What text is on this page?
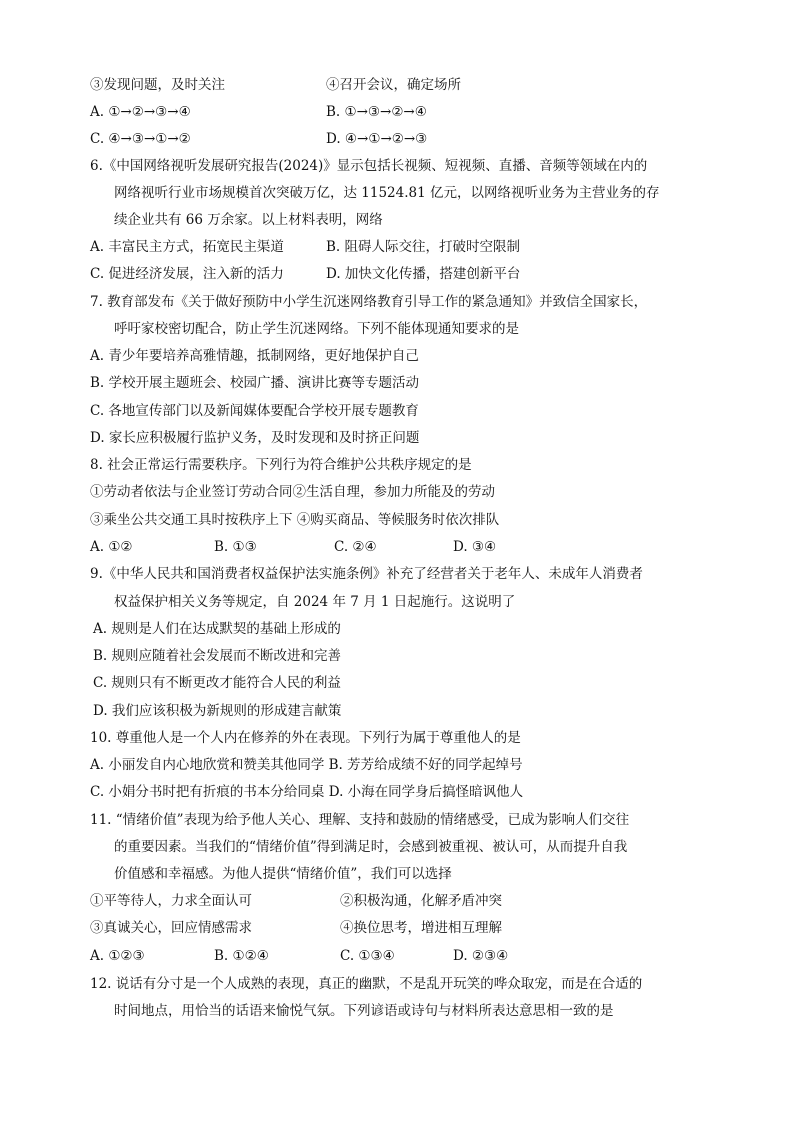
③发现问题，及时关注	④召开会议，确定场所
A. ①→②→③→④	B. ①→③→②→④
C. ④→③→①→②	D. ④→①→②→③
6.《中国网络视听发展研究报告(2024)》显示包括长视频、短视频、直播、音频等领域在内的
网络视听行业市场规模首次突破万亿，达 11524.81 亿元，以网络视听业务为主营业务的存
续企业共有 66 万余家。以上材料表明，网络
A. 丰富民主方式，拓宽民主渠道	B. 阻碍人际交往，打破时空限制
C. 促进经济发展，注入新的活力	D. 加快文化传播，搭建创新平台
7. 教育部发布《关于做好预防中小学生沉迷网络教育引导工作的紧急通知》并致信全国家长，
呼吁家校密切配合，防止学生沉迷网络。下列不能体现通知要求的是
A. 青少年要培养高雅情趣，抵制网络，更好地保护自己
B. 学校开展主题班会、校园广播、演讲比赛等专题活动
C. 各地宣传部门以及新闻媒体要配合学校开展专题教育
D. 家长应积极履行监护义务，及时发现和及时挤正问题
8. 社会正常运行需要秩序。下列行为符合维护公共秩序规定的是
①劳动者依法与企业签订劳动合同②生活自理，参加力所能及的劳动
③乘坐公共交通工具时按秩序上下 ④购买商品、等候服务时依次排队
A. ①②	B. ①③	C. ②④	D. ③④
9.《中华人民共和国消费者权益保护法实施条例》补充了经营者关于老年人、未成年人消费者
权益保护相关义务等规定，自 2024 年 7 月 1 日起施行。这说明了
A. 规则是人们在达成默契的基础上形成的
B. 规则应随着社会发展而不断改进和完善
C. 规则只有不断更改才能符合人民的利益
D. 我们应该积极为新规则的形成建言献策
10. 尊重他人是一个人内在修养的外在表现。下列行为属于尊重他人的是
A. 小丽发自内心地欣赏和赞美其他同学 B. 芳芳给成绩不好的同学起绰号
C. 小娟分书时把有折痕的书本分给同桌 D. 小海在同学身后搞怪暗讽他人
11. “情绪价值”表现为给予他人关心、理解、支持和鼓励的情绪感受，已成为影响人们交往
的重要因素。当我们的“情绪价值”得到满足时，会感到被重视、被认可，从而提升自我
价值感和幸福感。为他人提供“情绪价值”，我们可以选择
①平等待人，力求全面认可	②积极沟通，化解矛盾冲突
③真诚关心，回应情感需求	④换位思考，增进相互理解
A. ①②③	B. ①②④	C. ①③④	D. ②③④
12. 说话有分寸是一个人成熟的表现，真正的幽默，不是乱开玩笑的哗众取宠，而是在合适的
时间地点，用恰当的话语来愉悦气氛。下列谚语或诗句与材料所表达意思相一致的是
